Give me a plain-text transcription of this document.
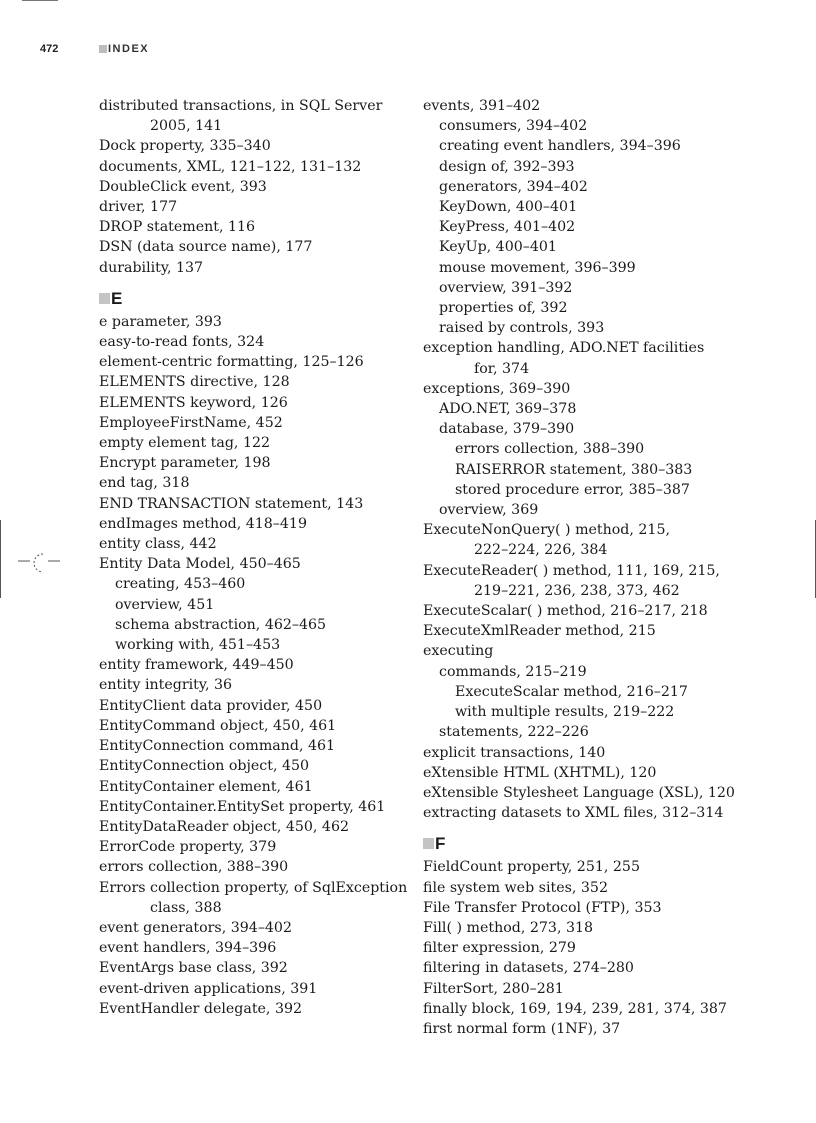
472	INDEX
distributed transactions, in SQL Server
2005, 141
Dock property, 335–340
documents, XML, 121–122, 131–132
DoubleClick event, 393
driver, 177
DROP statement, 116
DSN (data source name), 177
durability, 137
E
e parameter, 393
easy-to-read fonts, 324
element-centric formatting, 125–126
ELEMENTS directive, 128
ELEMENTS keyword, 126
EmployeeFirstName, 452
empty element tag, 122
Encrypt parameter, 198
end tag, 318
END TRANSACTION statement, 143
endImages method, 418–419
entity class, 442
Entity Data Model, 450–465
creating, 453–460
overview, 451
schema abstraction, 462–465
working with, 451–453
entity framework, 449–450
entity integrity, 36
EntityClient data provider, 450
EntityCommand object, 450, 461
EntityConnection command, 461
EntityConnection object, 450
EntityContainer element, 461
EntityContainer.EntitySet property, 461
EntityDataReader object, 450, 462
ErrorCode property, 379
errors collection, 388–390
Errors collection property, of SqlException
class, 388
event generators, 394–402
event handlers, 394–396
EventArgs base class, 392
event-driven applications, 391
EventHandler delegate, 392
events, 391–402
consumers, 394–402
creating event handlers, 394–396
design of, 392–393
generators, 394–402
KeyDown, 400–401
KeyPress, 401–402
KeyUp, 400–401
mouse movement, 396–399
overview, 391–392
properties of, 392
raised by controls, 393
exception handling, ADO.NET facilities
for, 374
exceptions, 369–390
ADO.NET, 369–378
database, 379–390
errors collection, 388–390
RAISERROR statement, 380–383
stored procedure error, 385–387
overview, 369
ExecuteNonQuery( ) method, 215,
222–224, 226, 384
ExecuteReader( ) method, 111, 169, 215,
219–221, 236, 238, 373, 462
ExecuteScalar( ) method, 216–217, 218
ExecuteXmlReader method, 215
executing
commands, 215–219
ExecuteScalar method, 216–217
with multiple results, 219–222
statements, 222–226
explicit transactions, 140
eXtensible HTML (XHTML), 120
eXtensible Stylesheet Language (XSL), 120
extracting datasets to XML files, 312–314
F
FieldCount property, 251, 255
file system web sites, 352
File Transfer Protocol (FTP), 353
Fill( ) method, 273, 318
filter expression, 279
filtering in datasets, 274–280
FilterSort, 280–281
finally block, 169, 194, 239, 281, 374, 387
first normal form (1NF), 37
